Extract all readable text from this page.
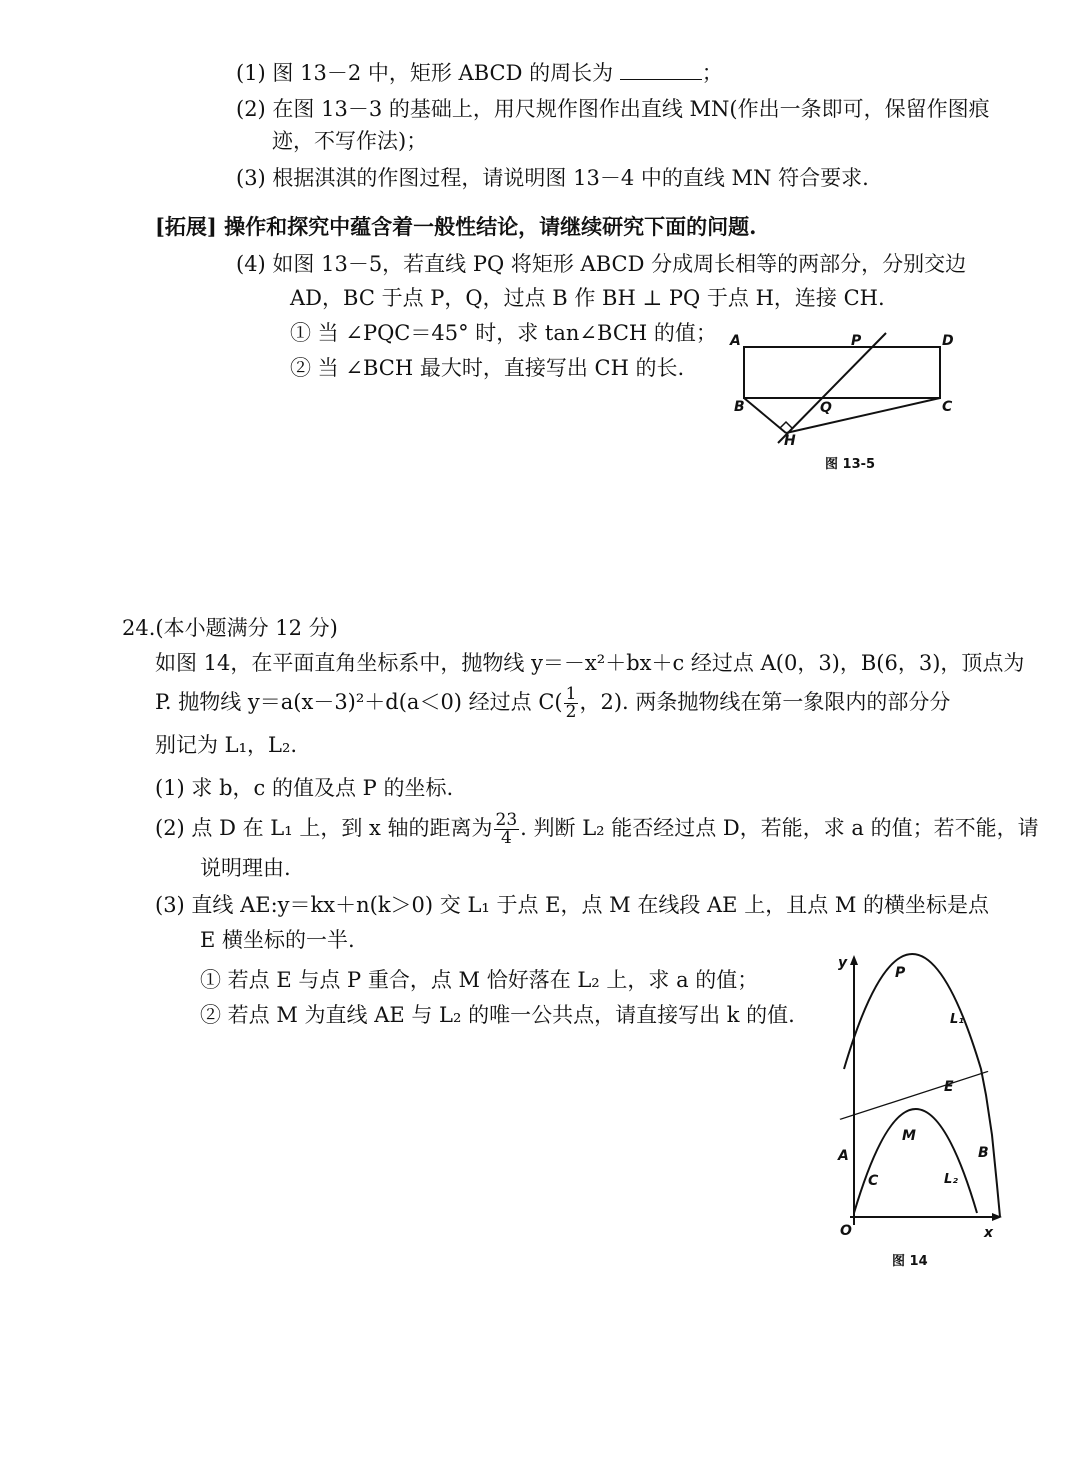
(1) 图 13－2 中，矩形 ABCD 的周长为	；
(2) 在图 13－3 的基础上，用尺规作图作出直线 MN(作出一条即可，保留作图痕
迹，不写作法)；
(3) 根据淇淇的作图过程，请说明图 13－4 中的直线 MN 符合要求.
[拓展] 操作和探究中蕴含着一般性结论，请继续研究下面的问题.
(4) 如图 13－5，若直线 PQ 将矩形 ABCD 分成周长相等的两部分，分别交边
AD，BC 于点 P，Q，过点 B 作 BH ⊥ PQ 于点 H，连接 CH.
① 当 ∠PQC＝45° 时，求 tan∠BCH 的值；
② 当 ∠BCH 最大时，直接写出 CH 的长.
A	P	D
B	Q	C
H
图 13-5
24.(本小题满分 12 分)
如图 14，在平面直角坐标系中，抛物线 y＝－x²＋bx＋c 经过点 A(0，3)，B(6，3)，顶点为
P. 抛物线 y＝a(x－3)²＋d(a＜0) 经过点 $C( \frac{1}{2}$ ，2). 两条抛物线在第一象限内的部分分
别记为 L₁，L₂.
(1) 求 b，c 的值及点 P 的坐标.
(2) 点 D 在 L₁ 上，到 x 轴的距离为 $\frac{23}{4}$ . 判断 L₂ 能否经过点 D，若能，求 a 的值；若不能，请
说明理由.
(3) 直线 AE:y＝kx＋n(k＞0) 交 L₁ 于点 E，点 M 在线段 AE 上，且点 M 的横坐标是点
E 横坐标的一半.
① 若点 E 与点 P 重合，点 M 恰好落在 L₂ 上，求 a 的值；
② 若点 M 为直线 AE 与 L₂ 的唯一公共点，请直接写出 k 的值.
y
x
O
P
L₁
E
M
A	B
C	L₂
图 14
